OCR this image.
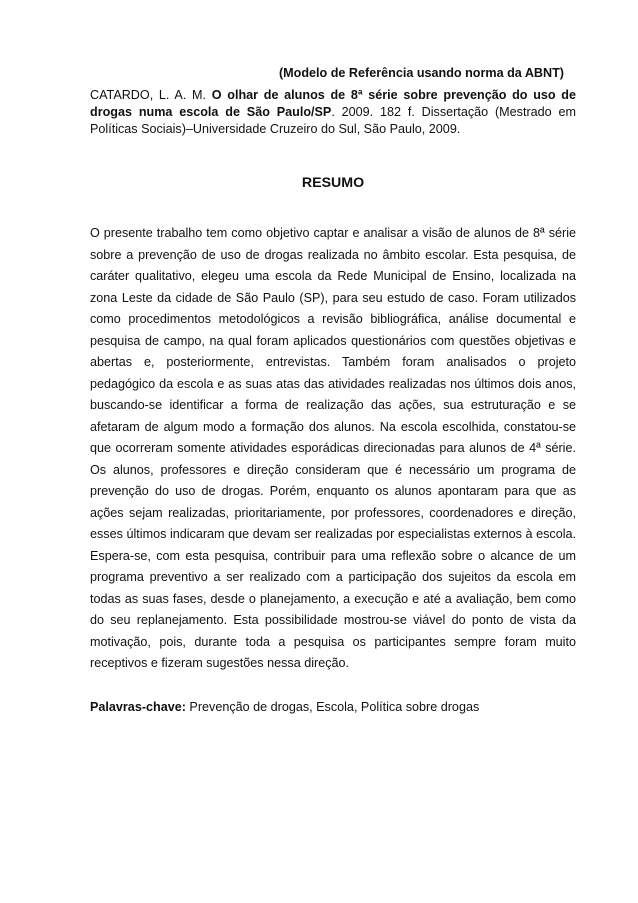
(Modelo de Referência usando norma da ABNT)

CATARDO, L. A. M. O olhar de alunos de 8ª série sobre prevenção do uso de drogas numa escola de São Paulo/SP. 2009. 182 f. Dissertação (Mestrado em Políticas Sociais)–Universidade Cruzeiro do Sul, São Paulo, 2009.

RESUMO

O presente trabalho tem como objetivo captar e analisar a visão de alunos de 8ª série sobre a prevenção de uso de drogas realizada no âmbito escolar. Esta pesquisa, de caráter qualitativo, elegeu uma escola da Rede Municipal de Ensino, localizada na zona Leste da cidade de São Paulo (SP), para seu estudo de caso. Foram utilizados como procedimentos metodológicos a revisão bibliográfica, análise documental e pesquisa de campo, na qual foram aplicados questionários com questões objetivas e abertas e, posteriormente, entrevistas. Também foram analisados o projeto pedagógico da escola e as suas atas das atividades realizadas nos últimos dois anos, buscando-se identificar a forma de realização das ações, sua estruturação e se afetaram de algum modo a formação dos alunos. Na escola escolhida, constatou-se que ocorreram somente atividades esporádicas direcionadas para alunos de 4ª série. Os alunos, professores e direção consideram que é necessário um programa de prevenção do uso de drogas. Porém, enquanto os alunos apontaram para que as ações sejam realizadas, prioritariamente, por professores, coordenadores e direção, esses últimos indicaram que devam ser realizadas por especialistas externos à escola. Espera-se, com esta pesquisa, contribuir para uma reflexão sobre o alcance de um programa preventivo a ser realizado com a participação dos sujeitos da escola em todas as suas fases, desde o planejamento, a execução e até a avaliação, bem como do seu replanejamento. Esta possibilidade mostrou-se viável do ponto de vista da motivação, pois, durante toda a pesquisa os participantes sempre foram muito receptivos e fizeram sugestões nessa direção.

Palavras-chave: Prevenção de drogas, Escola, Política sobre drogas
